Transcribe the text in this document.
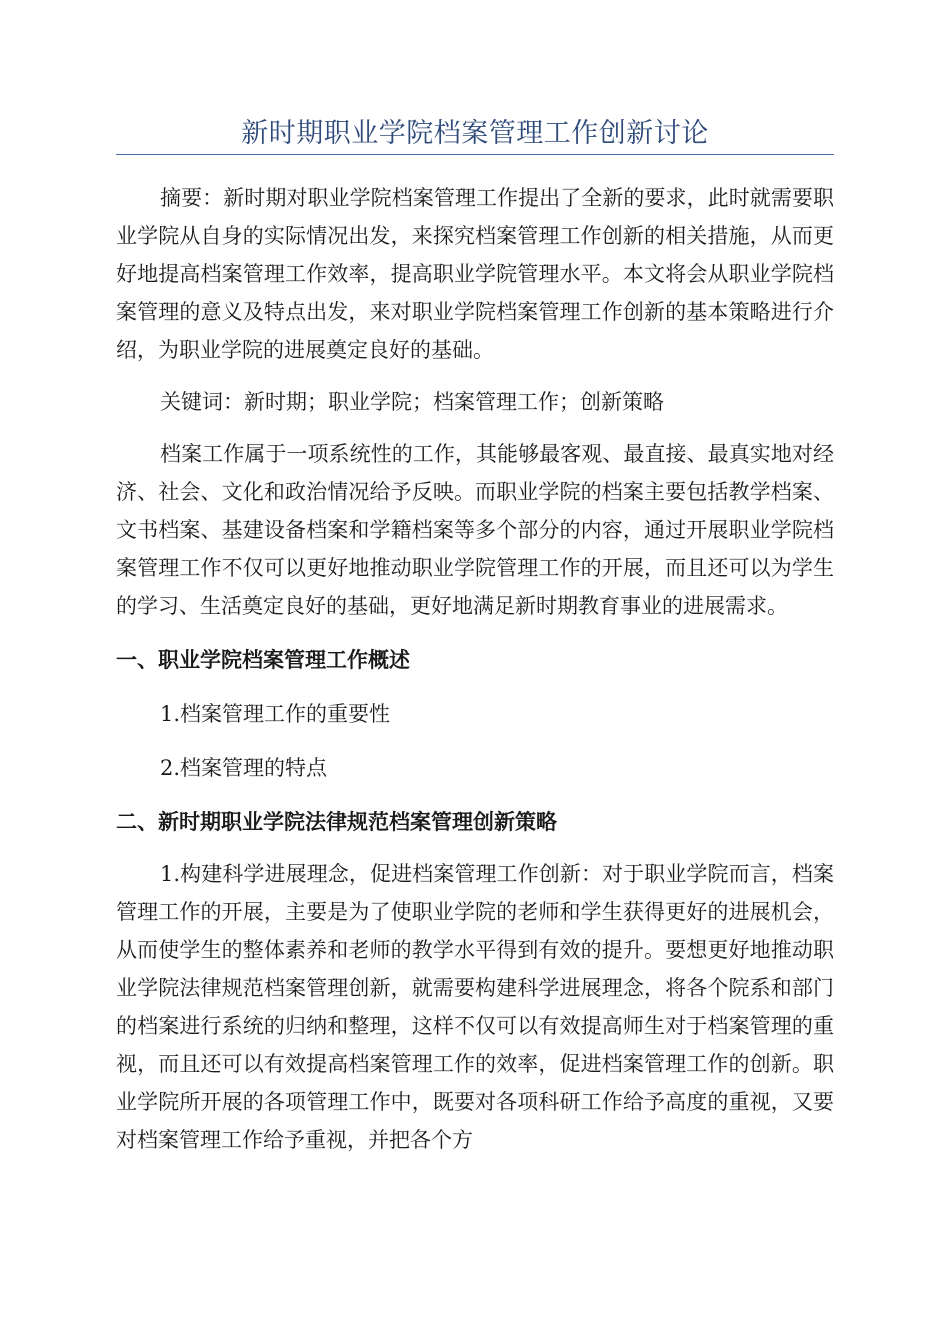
新时期职业学院档案管理工作创新讨论

摘要：新时期对职业学院档案管理工作提出了全新的要求，此时就需要职业学院从自身的实际情况出发，来探究档案管理工作创新的相关措施，从而更好地提高档案管理工作效率，提高职业学院管理水平。本文将会从职业学院档案管理的意义及特点出发，来对职业学院档案管理工作创新的基本策略进行介绍，为职业学院的进展奠定良好的基础。

关键词：新时期；职业学院；档案管理工作；创新策略

档案工作属于一项系统性的工作，其能够最客观、最直接、最真实地对经济、社会、文化和政治情况给予反映。而职业学院的档案主要包括教学档案、文书档案、基建设备档案和学籍档案等多个部分的内容，通过开展职业学院档案管理工作不仅可以更好地推动职业学院管理工作的开展，而且还可以为学生的学习、生活奠定良好的基础，更好地满足新时期教育事业的进展需求。

一、职业学院档案管理工作概述
1.档案管理工作的重要性
2.档案管理的特点
二、新时期职业学院法律规范档案管理创新策略

1.构建科学进展理念，促进档案管理工作创新：对于职业学院而言，档案管理工作的开展，主要是为了使职业学院的老师和学生获得更好的进展机会，从而使学生的整体素养和老师的教学水平得到有效的提升。要想更好地推动职业学院法律规范档案管理创新，就需要构建科学进展理念，将各个院系和部门的档案进行系统的归纳和整理，这样不仅可以有效提高师生对于档案管理的重视，而且还可以有效提高档案管理工作的效率，促进档案管理工作的创新。职业学院所开展的各项管理工作中，既要对各项科研工作给予高度的重视，又要对档案管理工作给予重视，并把各个方
